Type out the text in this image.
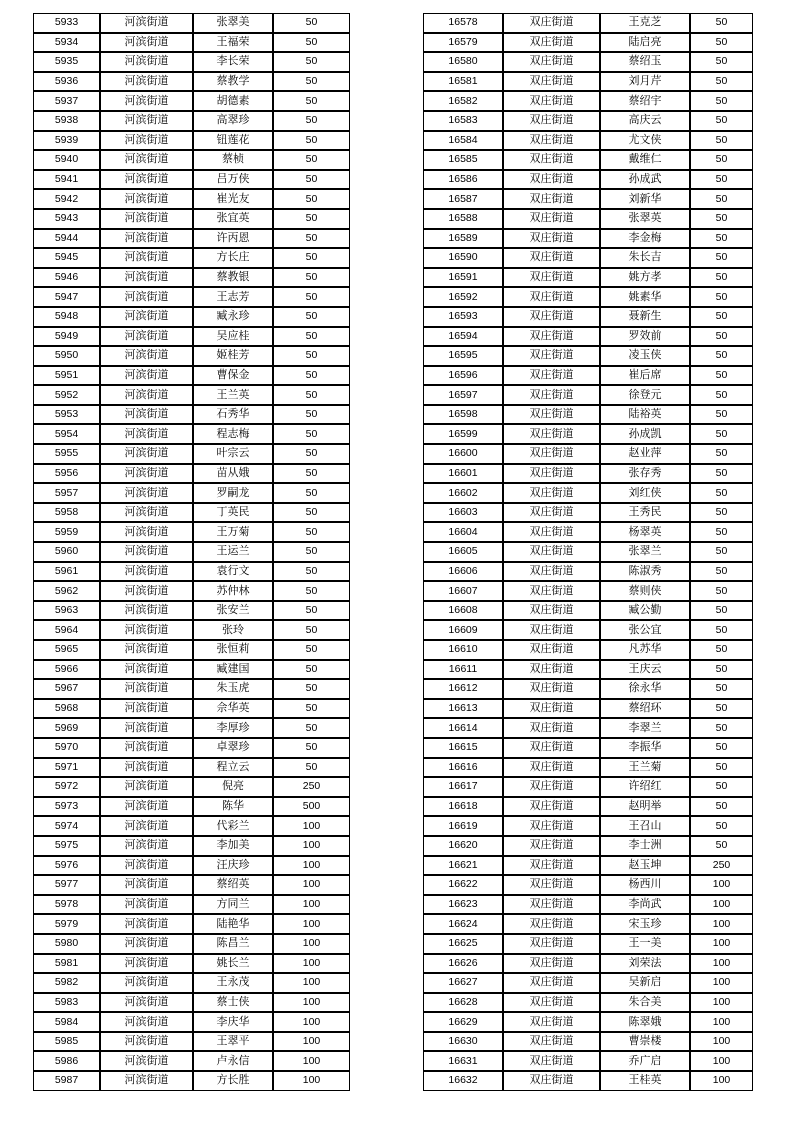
5933	河滨街道	张翠美	50
5934	河滨街道	王福荣	50
5935	河滨街道	李长荣	50
5936	河滨街道	蔡教学	50
5937	河滨街道	胡德素	50
5938	河滨街道	高翠珍	50
5939	河滨街道	钮莲花	50
5940	河滨街道	蔡桢	50
5941	河滨街道	吕万侠	50
5942	河滨街道	崔光友	50
5943	河滨街道	张宜英	50
5944	河滨街道	许丙恩	50
5945	河滨街道	方长庄	50
5946	河滨街道	蔡教银	50
5947	河滨街道	王志芳	50
5948	河滨街道	臧永珍	50
5949	河滨街道	吴应桂	50
5950	河滨街道	姬桂芳	50
5951	河滨街道	曹保金	50
5952	河滨街道	王兰英	50
5953	河滨街道	石秀华	50
5954	河滨街道	程志梅	50
5955	河滨街道	叶宗云	50
5956	河滨街道	苗从娥	50
5957	河滨街道	罗嗣龙	50
5958	河滨街道	丁英民	50
5959	河滨街道	王万菊	50
5960	河滨街道	王运兰	50
5961	河滨街道	袁行文	50
5962	河滨街道	苏仲林	50
5963	河滨街道	张安兰	50
5964	河滨街道	张玲	50
5965	河滨街道	张恒莉	50
5966	河滨街道	臧建国	50
5967	河滨街道	朱玉虎	50
5968	河滨街道	佘华英	50
5969	河滨街道	李厚珍	50
5970	河滨街道	卓翠珍	50
5971	河滨街道	程立云	50
5972	河滨街道	倪亮	250
5973	河滨街道	陈华	500
5974	河滨街道	代彩兰	100
5975	河滨街道	李加美	100
5976	河滨街道	汪庆珍	100
5977	河滨街道	蔡绍英	100
5978	河滨街道	方同兰	100
5979	河滨街道	陆艳华	100
5980	河滨街道	陈昌兰	100
5981	河滨街道	姚长兰	100
5982	河滨街道	王永茂	100
5983	河滨街道	蔡士侠	100
5984	河滨街道	李庆华	100
5985	河滨街道	王翠平	100
5986	河滨街道	卢永信	100
5987	河滨街道	方长胜	100
16578	双庄街道	王克芝	50
16579	双庄街道	陆启亮	50
16580	双庄街道	蔡绍玉	50
16581	双庄街道	刘月芹	50
16582	双庄街道	蔡绍宇	50
16583	双庄街道	高庆云	50
16584	双庄街道	尤文侠	50
16585	双庄街道	戴维仁	50
16586	双庄街道	孙成武	50
16587	双庄街道	刘新华	50
16588	双庄街道	张翠英	50
16589	双庄街道	李金梅	50
16590	双庄街道	朱长吉	50
16591	双庄街道	姚方孝	50
16592	双庄街道	姚素华	50
16593	双庄街道	聂新生	50
16594	双庄街道	罗效前	50
16595	双庄街道	凌玉侠	50
16596	双庄街道	崔后席	50
16597	双庄街道	徐登元	50
16598	双庄街道	陆裕英	50
16599	双庄街道	孙成凯	50
16600	双庄街道	赵业萍	50
16601	双庄街道	张存秀	50
16602	双庄街道	刘红侠	50
16603	双庄街道	王秀民	50
16604	双庄街道	杨翠英	50
16605	双庄街道	张翠兰	50
16606	双庄街道	陈淑秀	50
16607	双庄街道	蔡则侠	50
16608	双庄街道	臧公勤	50
16609	双庄街道	张公宜	50
16610	双庄街道	凡苏华	50
16611	双庄街道	王庆云	50
16612	双庄街道	徐永华	50
16613	双庄街道	蔡绍环	50
16614	双庄街道	李翠兰	50
16615	双庄街道	李振华	50
16616	双庄街道	王兰菊	50
16617	双庄街道	许绍红	50
16618	双庄街道	赵明举	50
16619	双庄街道	王召山	50
16620	双庄街道	李士洲	50
16621	双庄街道	赵玉坤	250
16622	双庄街道	杨西川	100
16623	双庄街道	李尚武	100
16624	双庄街道	宋玉珍	100
16625	双庄街道	王一美	100
16626	双庄街道	刘荣法	100
16627	双庄街道	吴新启	100
16628	双庄街道	朱合美	100
16629	双庄街道	陈翠娥	100
16630	双庄街道	曹崇楼	100
16631	双庄街道	乔广启	100
16632	双庄街道	王桂英	100
